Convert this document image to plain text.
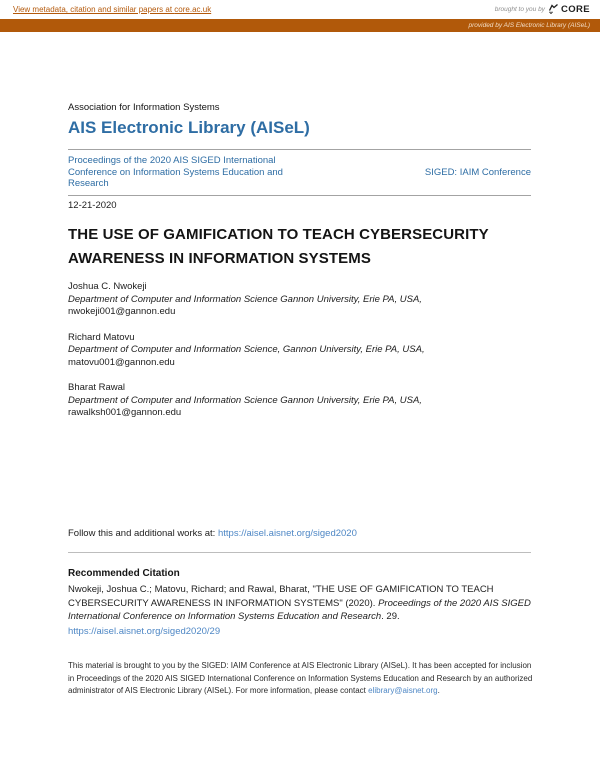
View metadata, citation and similar papers at core.ac.uk	brought to you by CORE
provided by AIS Electronic Library (AISeL)
Association for Information Systems
AIS Electronic Library (AISeL)
Proceedings of the 2020 AIS SIGED International Conference on Information Systems Education and Research
SIGED: IAIM Conference
12-21-2020
THE USE OF GAMIFICATION TO TEACH CYBERSECURITY AWARENESS IN INFORMATION SYSTEMS
Joshua C. Nwokeji
Department of Computer and Information Science Gannon University, Erie PA, USA,
nwokeji001@gannon.edu
Richard Matovu
Department of Computer and Information Science, Gannon University, Erie PA, USA,
matovu001@gannon.edu
Bharat Rawal
Department of Computer and Information Science Gannon University, Erie PA, USA,
rawalksh001@gannon.edu
Follow this and additional works at: https://aisel.aisnet.org/siged2020
Recommended Citation
Nwokeji, Joshua C.; Matovu, Richard; and Rawal, Bharat, "THE USE OF GAMIFICATION TO TEACH CYBERSECURITY AWARENESS IN INFORMATION SYSTEMS" (2020). Proceedings of the 2020 AIS SIGED International Conference on Information Systems Education and Research. 29.
https://aisel.aisnet.org/siged2020/29
This material is brought to you by the SIGED: IAIM Conference at AIS Electronic Library (AISeL). It has been accepted for inclusion in Proceedings of the 2020 AIS SIGED International Conference on Information Systems Education and Research by an authorized administrator of AIS Electronic Library (AISeL). For more information, please contact elibrary@aisnet.org.
